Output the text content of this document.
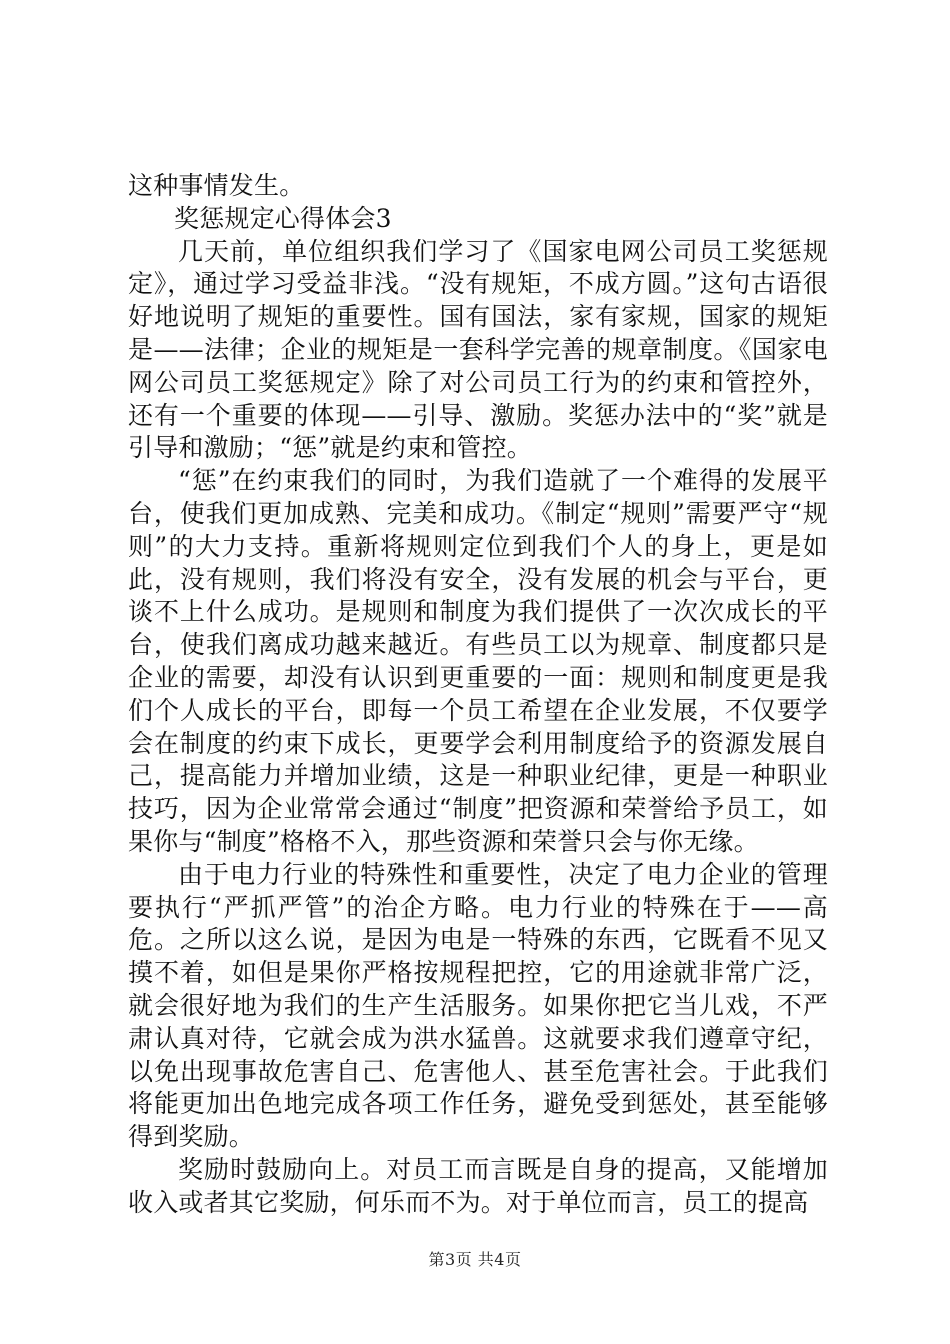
这种事情发生。

奖惩规定心得体会3

几天前，单位组织我们学习了《国家电网公司员工奖惩规定》，通过学习受益非浅。“没有规矩，不成方圆。”这句古语很好地说明了规矩的重要性。国有国法，家有家规，国家的规矩是——法律；企业的规矩是一套科学完善的规章制度。《国家电网公司员工奖惩规定》除了对公司员工行为的约束和管控外，还有一个重要的体现——引导、激励。奖惩办法中的“奖”就是引导和激励；“惩”就是约束和管控。

“惩”在约束我们的同时，为我们造就了一个难得的发展平台，使我们更加成熟、完美和成功。《制定“规则”需要严守“规则”的大力支持。重新将规则定位到我们个人的身上，更是如此，没有规则，我们将没有安全，没有发展的机会与平台，更谈不上什么成功。是规则和制度为我们提供了一次次成长的平台，使我们离成功越来越近。有些员工以为规章、制度都只是企业的需要，却没有认识到更重要的一面：规则和制度更是我们个人成长的平台，即每一个员工希望在企业发展，不仅要学会在制度的约束下成长，更要学会利用制度给予的资源发展自己，提高能力并增加业绩，这是一种职业纪律，更是一种职业技巧，因为企业常常会通过“制度”把资源和荣誉给予员工，如果你与“制度”格格不入，那些资源和荣誉只会与你无缘。

由于电力行业的特殊性和重要性，决定了电力企业的管理要执行“严抓严管”的治企方略。电力行业的特殊在于——高危。之所以这么说，是因为电是一特殊的东西，它既看不见又摸不着，如但是果你严格按规程把控，它的用途就非常广泛，就会很好地为我们的生产生活服务。如果你把它当儿戏，不严肃认真对待，它就会成为洪水猛兽。这就要求我们遵章守纪，以免出现事故危害自己、危害他人、甚至危害社会。于此我们将能更加出色地完成各项工作任务，避免受到惩处，甚至能够得到奖励。

奖励时鼓励向上。对员工而言既是自身的提高，又能增加收入或者其它奖励，何乐而不为。对于单位而言，员工的提高

第3页 共4页
